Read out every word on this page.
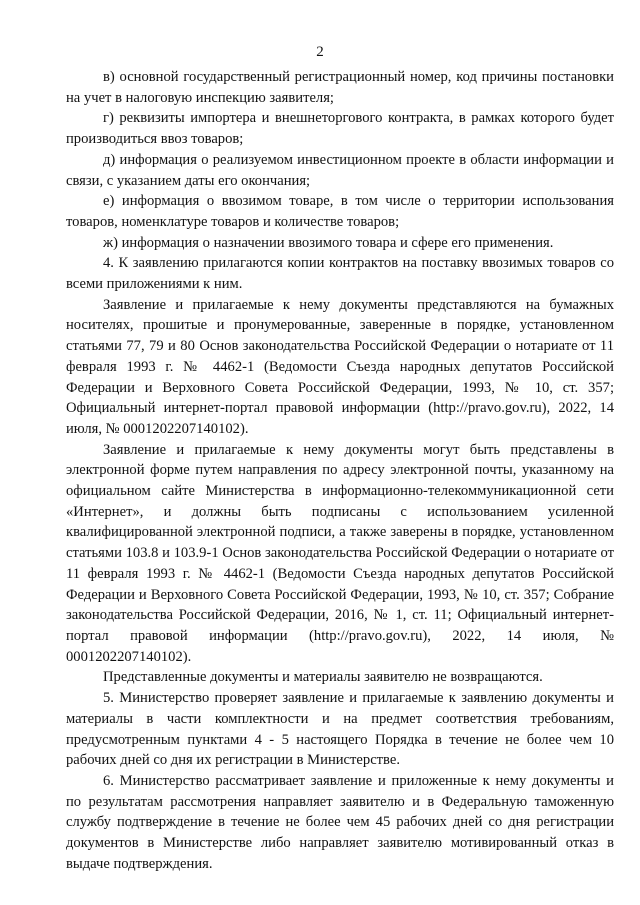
2

в) основной государственный регистрационный номер, код причины постановки на учет в налоговую инспекцию заявителя;

г) реквизиты импортера и внешнеторгового контракта, в рамках которого будет производиться ввоз товаров;

д) информация о реализуемом инвестиционном проекте в области информации и связи, с указанием даты его окончания;

е) информация о ввозимом товаре, в том числе о территории использования товаров, номенклатуре товаров и количестве товаров;

ж) информация о назначении ввозимого товара и сфере его применения.

4. К заявлению прилагаются копии контрактов на поставку ввозимых товаров со всеми приложениями к ним.

Заявление и прилагаемые к нему документы представляются на бумажных носителях, прошитые и пронумерованные, заверенные в порядке, установленном статьями 77, 79 и 80 Основ законодательства Российской Федерации о нотариате от 11 февраля 1993 г. № 4462-1 (Ведомости Съезда народных депутатов Российской Федерации и Верховного Совета Российской Федерации, 1993, № 10, ст. 357; Официальный интернет-портал правовой информации (http://pravo.gov.ru), 2022, 14 июля, № 0001202207140102).

Заявление и прилагаемые к нему документы могут быть представлены в электронной форме путем направления по адресу электронной почты, указанному на официальном сайте Министерства в информационно-телекоммуникационной сети «Интернет», и должны быть подписаны с использованием усиленной квалифицированной электронной подписи, а также заверены в порядке, установленном статьями 103.8 и 103.9-1 Основ законодательства Российской Федерации о нотариате от 11 февраля 1993 г. № 4462-1 (Ведомости Съезда народных депутатов Российской Федерации и Верховного Совета Российской Федерации, 1993, № 10, ст. 357; Собрание законодательства Российской Федерации, 2016, № 1, ст. 11; Официальный интернет-портал правовой информации (http://pravo.gov.ru), 2022, 14 июля, № 0001202207140102).

Представленные документы и материалы заявителю не возвращаются.

5. Министерство проверяет заявление и прилагаемые к заявлению документы и материалы в части комплектности и на предмет соответствия требованиям, предусмотренным пунктами 4 - 5 настоящего Порядка в течение не более чем 10 рабочих дней со дня их регистрации в Министерстве.

6. Министерство рассматривает заявление и приложенные к нему документы и по результатам рассмотрения направляет заявителю и в Федеральную таможенную службу подтверждение в течение не более чем 45 рабочих дней со дня регистрации документов в Министерстве либо направляет заявителю мотивированный отказ в выдаче подтверждения.
